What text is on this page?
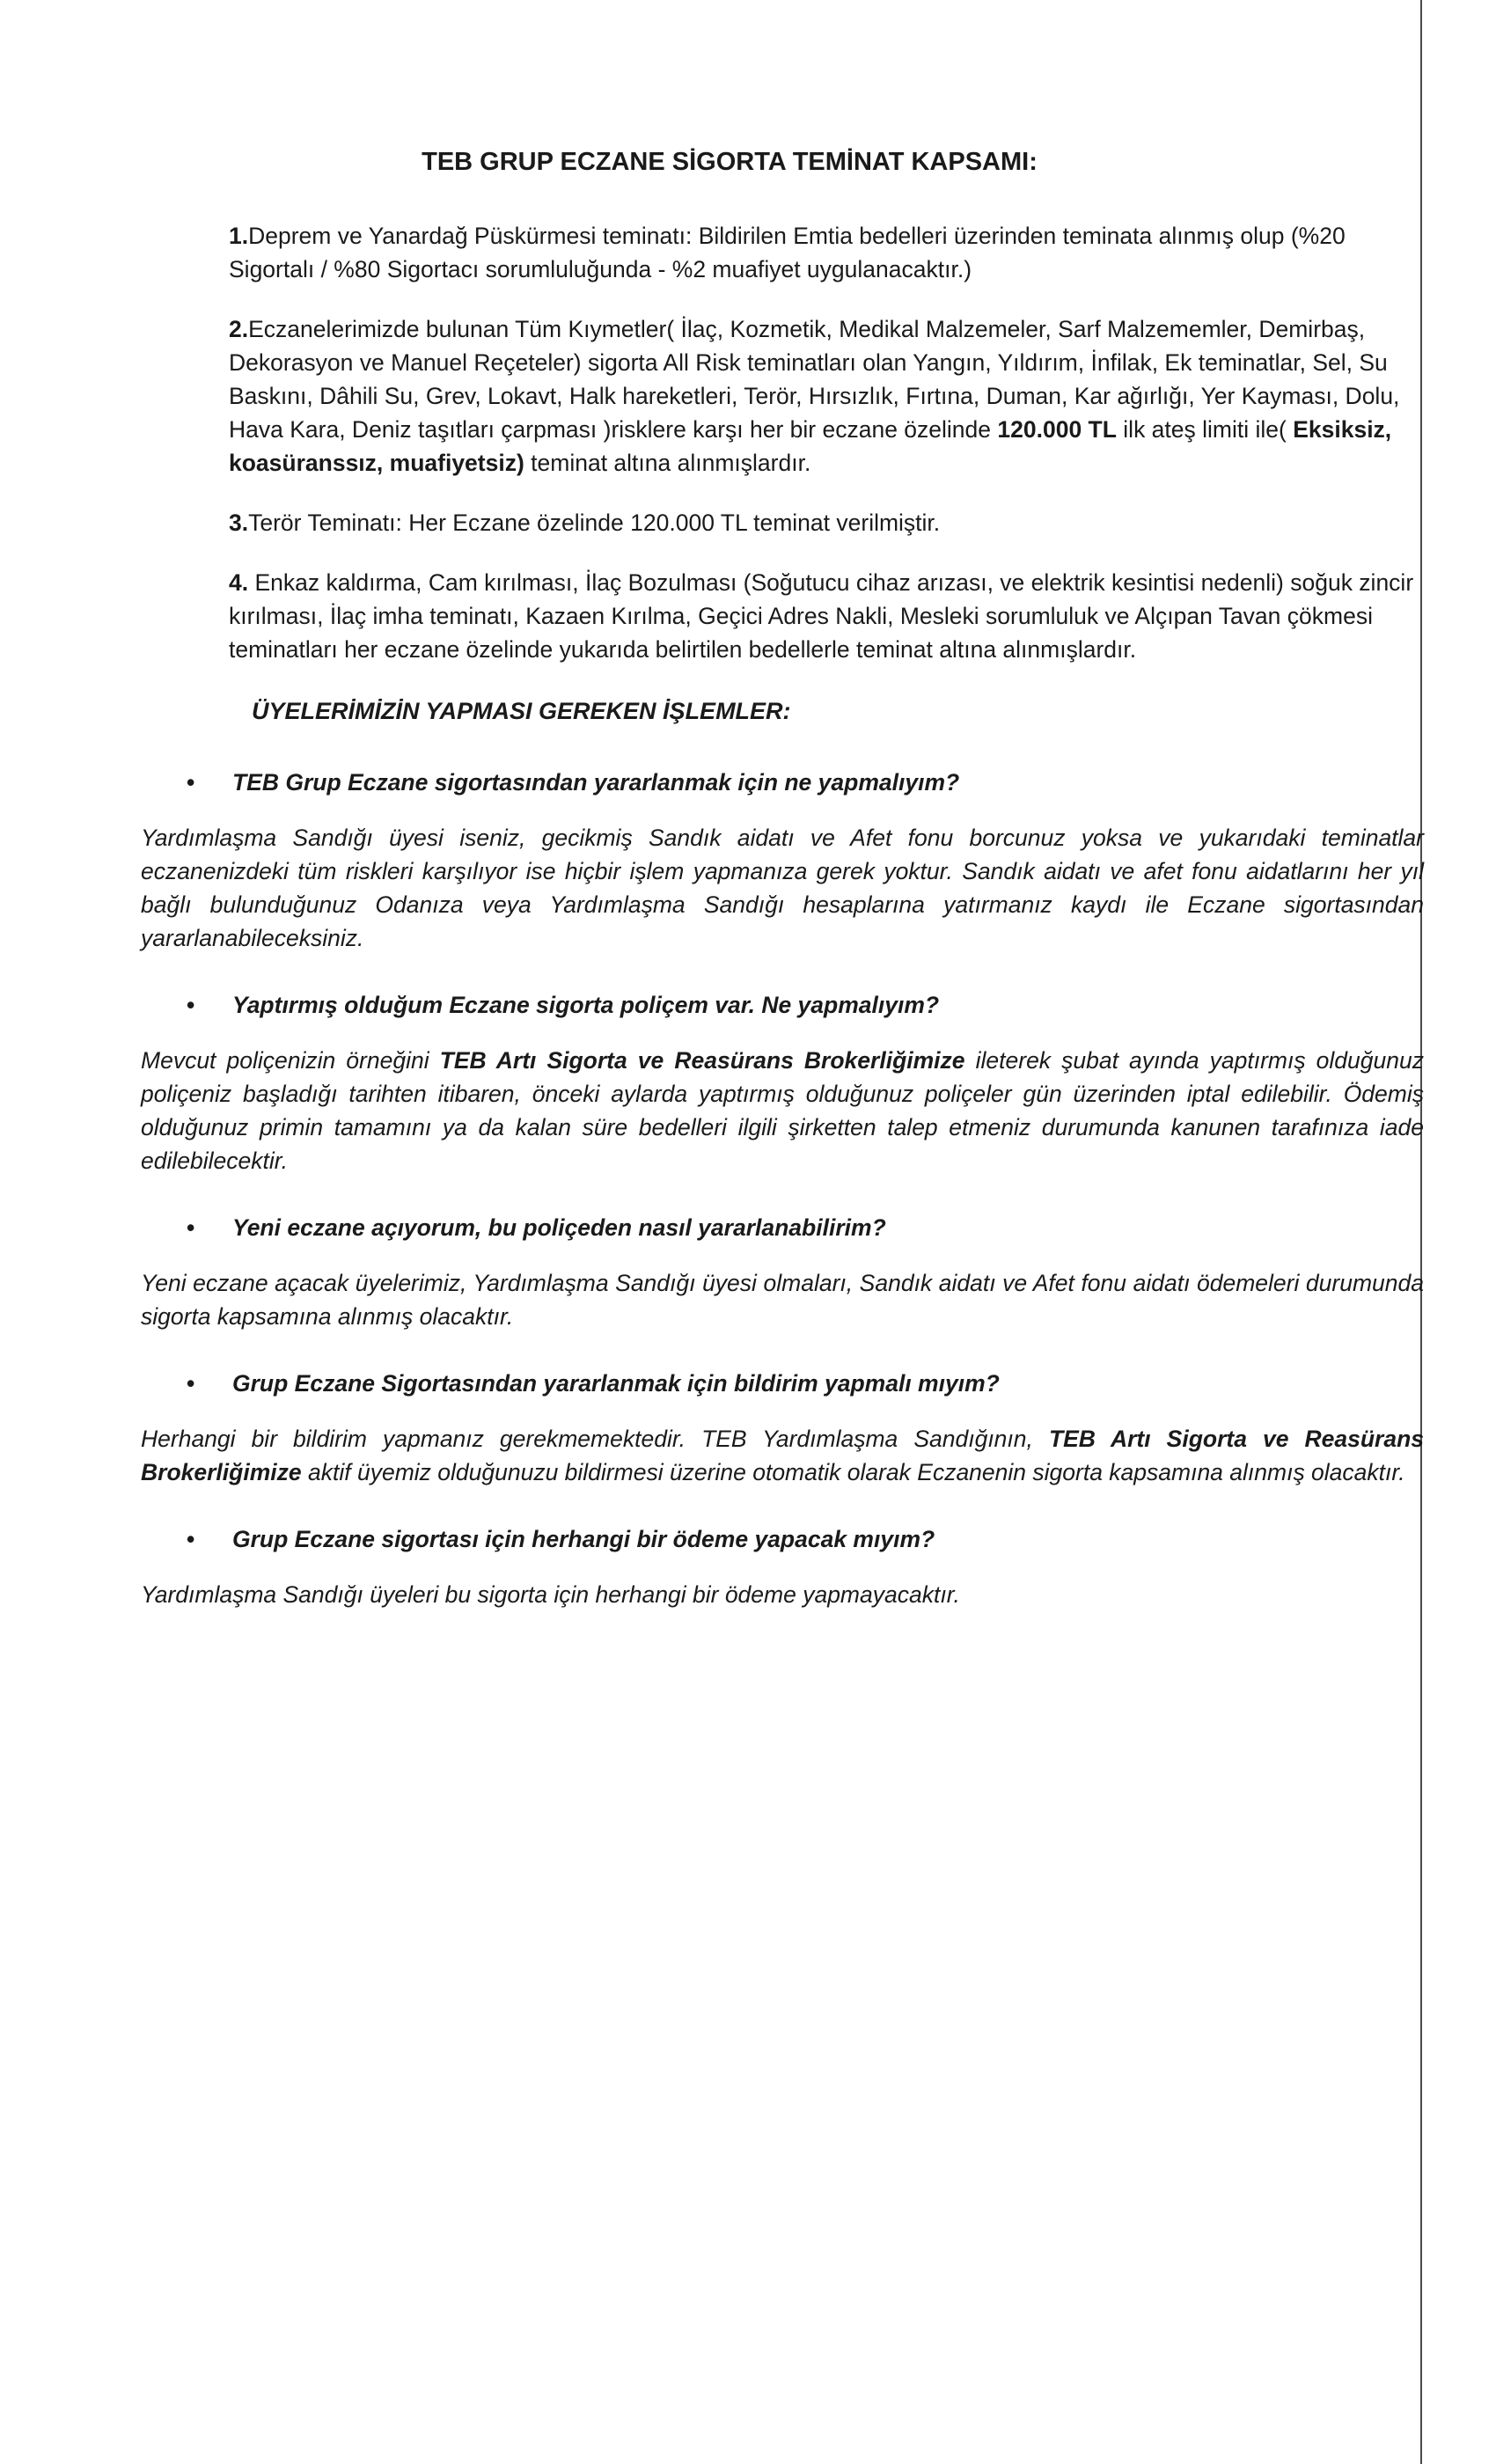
TEB GRUP ECZANE SİGORTA TEMİNAT KAPSAMI:

1.Deprem ve Yanardağ Püskürmesi teminatı: Bildirilen Emtia bedelleri üzerinden teminata alınmış olup (%20 Sigortalı / %80 Sigortacı sorumluluğunda - %2 muafiyet uygulanacaktır.)

2.Eczanelerimizde bulunan Tüm Kıymetler( İlaç, Kozmetik, Medikal Malzemeler, Sarf Malzememler, Demirbaş, Dekorasyon ve Manuel Reçeteler) sigorta All Risk teminatları olan Yangın, Yıldırım, İnfilak, Ek teminatlar, Sel, Su Baskını, Dâhili Su, Grev, Lokavt, Halk hareketleri, Terör, Hırsızlık, Fırtına, Duman, Kar ağırlığı, Yer Kayması, Dolu, Hava Kara, Deniz taşıtları çarpması )risklere karşı her bir eczane özelinde 120.000 TL ilk ateş limiti ile( Eksiksiz, koasüranssız, muafiyetsiz) teminat altına alınmışlardır.

3.Terör Teminatı: Her Eczane özelinde 120.000 TL teminat verilmiştir.

4. Enkaz kaldırma, Cam kırılması, İlaç Bozulması (Soğutucu cihaz arızası, ve elektrik kesintisi nedenli) soğuk zincir kırılması, İlaç imha teminatı, Kazaen Kırılma, Geçici Adres Nakli, Mesleki sorumluluk ve Alçıpan Tavan çökmesi teminatları her eczane özelinde yukarıda belirtilen bedellerle teminat altına alınmışlardır.

ÜYELERİMİZİN YAPMASI GEREKEN İŞLEMLER:
•	TEB Grup Eczane sigortasından yararlanmak için ne yapmalıyım?

Yardımlaşma Sandığı üyesi iseniz, gecikmiş Sandık aidatı ve Afet fonu borcunuz yoksa ve yukarıdaki teminatlar eczanenizdeki tüm riskleri karşılıyor ise hiçbir işlem yapmanıza gerek yoktur. Sandık aidatı ve afet fonu aidatlarını her yıl bağlı bulunduğunuz Odanıza veya Yardımlaşma Sandığı hesaplarına yatırmanız kaydı ile Eczane sigortasından yararlanabileceksiniz.

•	Yaptırmış olduğum Eczane sigorta poliçem var. Ne yapmalıyım?

Mevcut poliçenizin örneğini TEB Artı Sigorta ve Reasürans Brokerliğimize ileterek şubat ayında yaptırmış olduğunuz poliçeniz başladığı tarihten itibaren, önceki aylarda yaptırmış olduğunuz poliçeler gün üzerinden iptal edilebilir. Ödemiş olduğunuz primin tamamını ya da kalan süre bedelleri ilgili şirketten talep etmeniz durumunda kanunen tarafınıza iade edilebilecektir.

•	Yeni eczane açıyorum, bu poliçeden nasıl yararlanabilirim?

Yeni eczane açacak üyelerimiz, Yardımlaşma Sandığı üyesi olmaları, Sandık aidatı ve Afet fonu aidatı ödemeleri durumunda sigorta kapsamına alınmış olacaktır.

•	Grup Eczane Sigortasından yararlanmak için bildirim yapmalı mıyım?

Herhangi bir bildirim yapmanız gerekmemektedir. TEB Yardımlaşma Sandığının, TEB Artı Sigorta ve Reasürans Brokerliğimize aktif üyemiz olduğunuzu bildirmesi üzerine otomatik olarak Eczanenin sigorta kapsamına alınmış olacaktır.

•	Grup Eczane sigortası için herhangi bir ödeme yapacak mıyım?

Yardımlaşma Sandığı üyeleri bu sigorta için herhangi bir ödeme yapmayacaktır.
